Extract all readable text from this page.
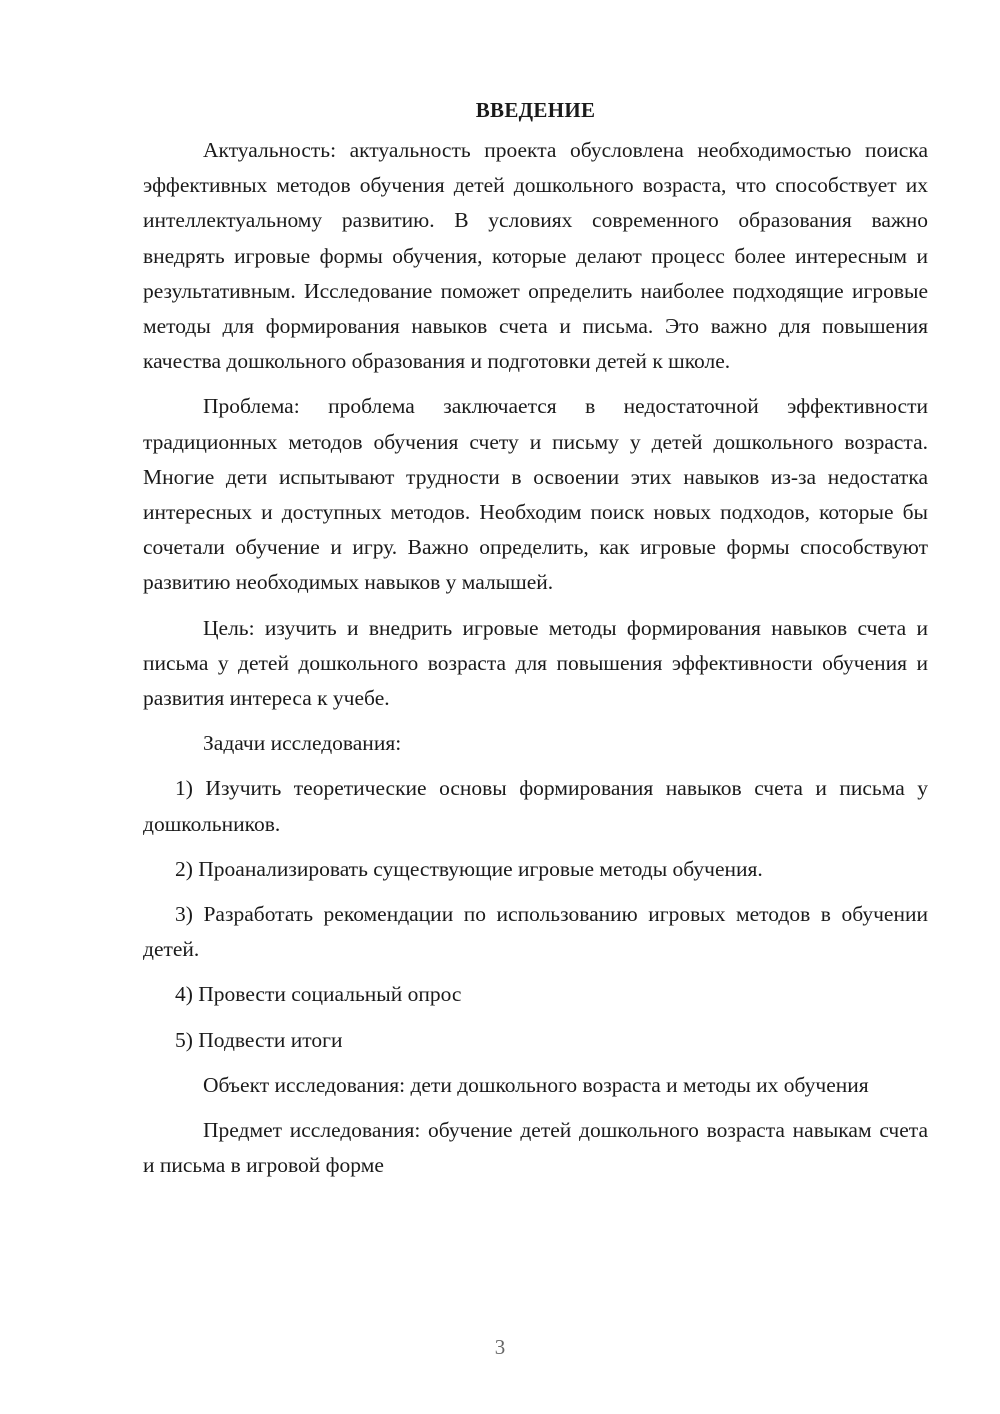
ВВЕДЕНИЕ

Актуальность: актуальность проекта обусловлена необходимостью поиска эффективных методов обучения детей дошкольного возраста, что способствует их интеллектуальному развитию. В условиях современного образования важно внедрять игровые формы обучения, которые делают процесс более интересным и результативным. Исследование поможет определить наиболее подходящие игровые методы для формирования навыков счета и письма. Это важно для повышения качества дошкольного образования и подготовки детей к школе.

Проблема: проблема заключается в недостаточной эффективности традиционных методов обучения счету и письму у детей дошкольного возраста. Многие дети испытывают трудности в освоении этих навыков из-за недостатка интересных и доступных методов. Необходим поиск новых подходов, которые бы сочетали обучение и игру. Важно определить, как игровые формы способствуют развитию необходимых навыков у малышей.

Цель: изучить и внедрить игровые методы формирования навыков счета и письма у детей дошкольного возраста для повышения эффективности обучения и развития интереса к учебе.

Задачи исследования:

1) Изучить теоретические основы формирования навыков счета и письма у дошкольников.

2) Проанализировать существующие игровые методы обучения.

3) Разработать рекомендации по использованию игровых методов в обучении детей.

4) Провести социальный опрос

5) Подвести итоги

Объект исследования: дети дошкольного возраста и методы их обучения

Предмет исследования: обучение детей дошкольного возраста навыкам счета и письма в игровой форме

3
